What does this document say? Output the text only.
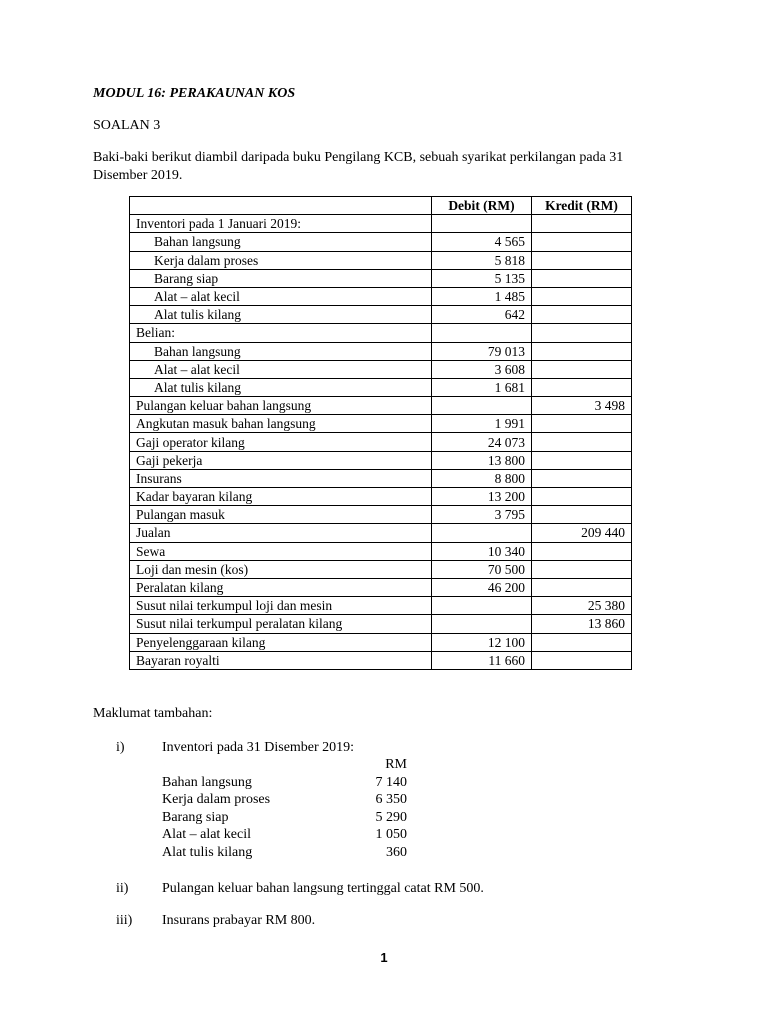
MODUL 16: PERAKAUNAN KOS
SOALAN 3
Baki-baki berikut diambil daripada buku Pengilang KCB, sebuah syarikat perkilangan pada 31 Disember 2019.
	Debit (RM)	Kredit (RM)
Inventori pada 1 Januari 2019:		
Bahan langsung	4 565	
Kerja dalam proses	5 818	
Barang siap	5 135	
Alat – alat kecil	1 485	
Alat tulis kilang	642	
Belian:		
Bahan langsung	79 013	
Alat – alat kecil	3 608	
Alat tulis kilang	1 681	
Pulangan keluar bahan langsung		3 498
Angkutan masuk bahan langsung	1 991	
Gaji operator kilang	24 073	
Gaji pekerja	13 800	
Insurans	8 800	
Kadar bayaran kilang	13 200	
Pulangan masuk	3 795	
Jualan		209 440
Sewa	10 340	
Loji dan mesin (kos)	70 500	
Peralatan kilang	46 200	
Susut nilai terkumpul loji dan mesin		25 380
Susut nilai terkumpul peralatan kilang		13 860
Penyelenggaraan kilang	12 100	
Bayaran royalti	11 660	
Maklumat tambahan:
i)	Inventori pada 31 Disember 2019:
RM
Bahan langsung	7 140
Kerja dalam proses	6 350
Barang siap	5 290
Alat – alat kecil	1 050
Alat tulis kilang	360
ii) Pulangan keluar bahan langsung tertinggal catat RM 500.
iii) Insurans prabayar RM 800.
1
